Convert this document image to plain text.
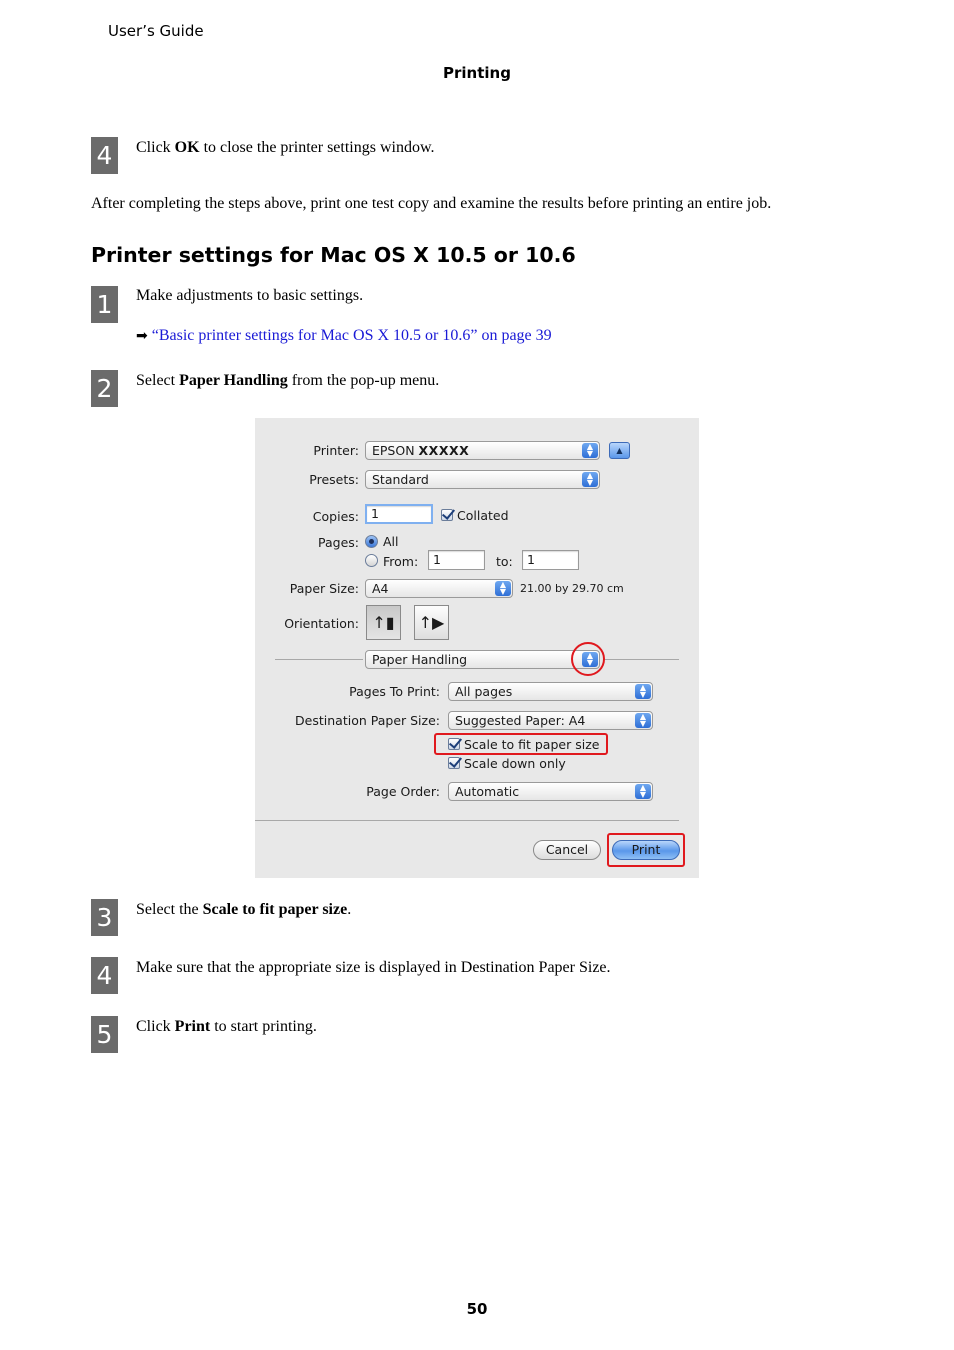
User’s Guide
Printing
4	Click OK to close the printer settings window.
After completing the steps above, print one test copy and examine the results before printing an entire job.
Printer settings for Mac OS X 10.5 or 10.6
1	Make adjustments to basic settings.
➡ “Basic printer settings for Mac OS X 10.5 or 10.6” on page 39
2	Select Paper Handling from the pop-up menu.
Printer:	EPSON XXXXX	▲
▼	▲
Presets:	Standard	▲
▼
Copies: 1	Collated
Pages: All
From:	1	to:	1
Paper Size:	A4	▲
▼	21.00 by 29.70 cm
Orientation: ↑▮	↑▶
Paper Handling	▲
▼
Pages To Print:	All pages	▲
▼
Destination Paper Size:	Suggested Paper: A4	▲
▼
Scale to fit paper size
Scale down only
Page Order:	Automatic	▲
▼
Cancel	Print
3	Select the Scale to fit paper size.
4	Make sure that the appropriate size is displayed in Destination Paper Size.
5	Click Print to start printing.
50
